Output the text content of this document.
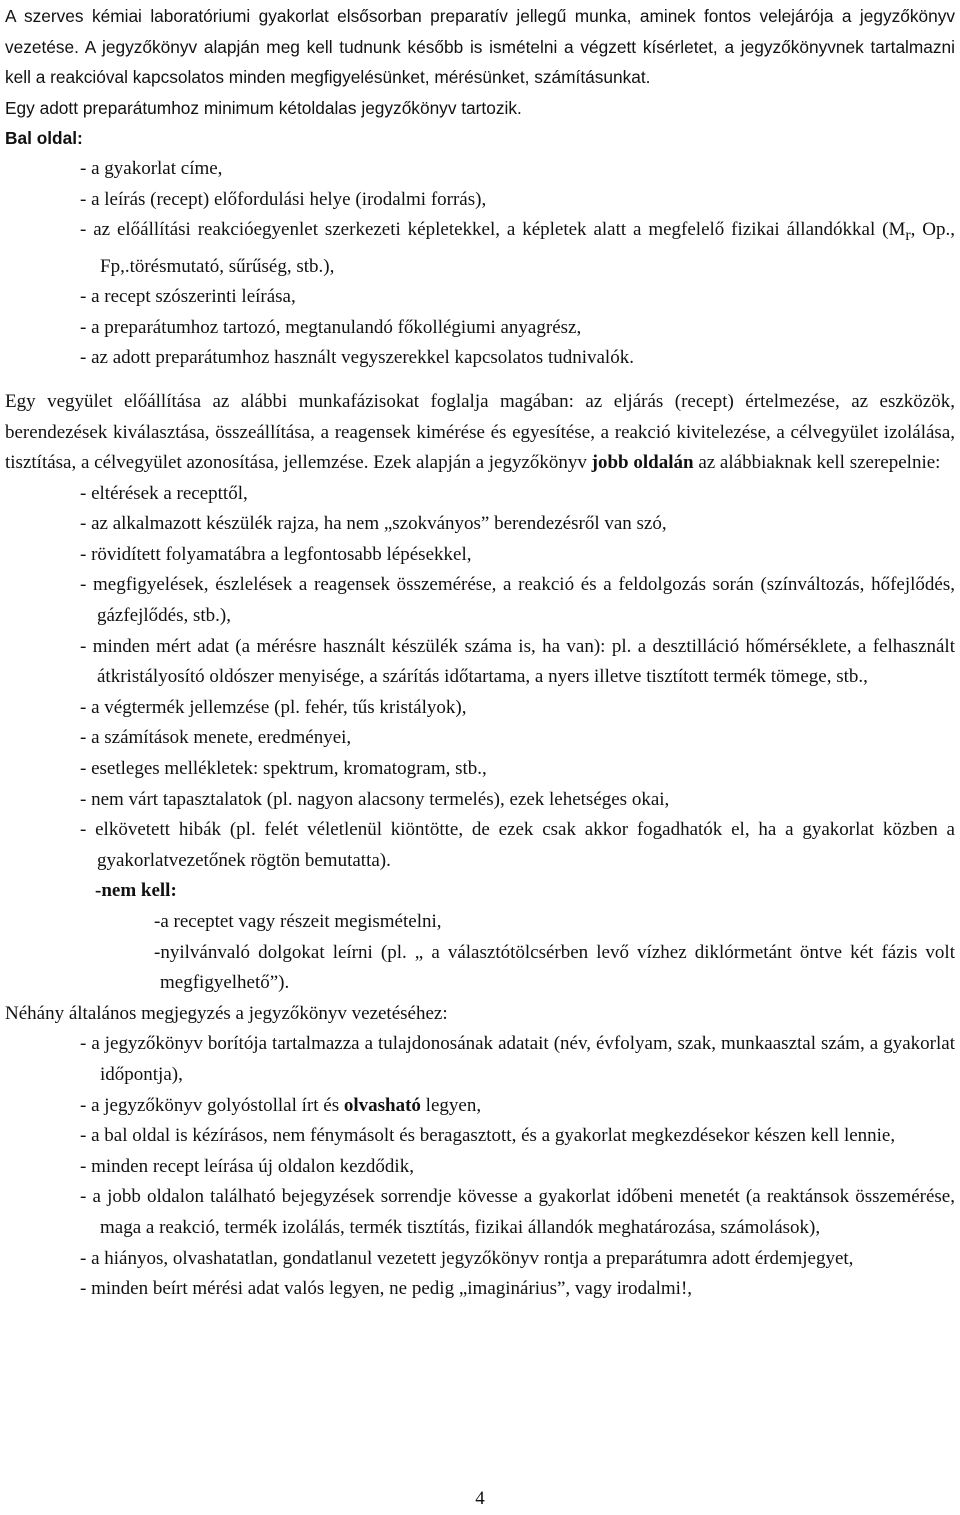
A szerves kémiai laboratóriumi gyakorlat elsősorban preparatív jellegű munka, aminek fontos velejárója a jegyzőkönyv vezetése. A jegyzőkönyv alapján meg kell tudnunk később is ismételni a végzett kísérletet, a jegyzőkönyvnek tartalmazni kell a reakcióval kapcsolatos minden megfigyelésünket, mérésünket, számításunkat.

Egy adott preparátumhoz minimum kétoldalas jegyzőkönyv tartozik.

Bal oldal:

- a gyakorlat címe,
- a leírás (recept) előfordulási helye (irodalmi forrás),
- az előállítási reakcióegyenlet szerkezeti képletekkel, a képletek alatt a megfelelő fizikai állandókkal ($M_r$, Op., Fp,.törésmutató, sűrűség, stb.),
- a recept szószerinti leírása,
- a preparátumhoz tartozó, megtanulandó főkollégiumi anyagrész,
- az adott preparátumhoz használt vegyszerekkel kapcsolatos tudnivalók.

Egy vegyület előállítása az alábbi munkafázisokat foglalja magában: az eljárás (recept) értelmezése, az eszközök, berendezések kiválasztása, összeállítása, a reagensek kimérése és egyesítése, a reakció kivitelezése, a célvegyület izolálása, tisztítása, a célvegyület azonosítása, jellemzése. Ezek alapján a jegyzőkönyv jobb oldalán az alábbiaknak kell szerepelnie:

- eltérések a recepttől,
- az alkalmazott készülék rajza, ha nem „szokványos” berendezésről van szó,
- rövidített folyamatábra a legfontosabb lépésekkel,
- megfigyelések, észlelések a reagensek összemérése, a reakció és a feldolgozás során (színváltozás, hőfejlődés, gázfejlődés, stb.),
- minden mért adat (a mérésre használt készülék száma is, ha van): pl. a desztilláció hőmérséklete, a felhasznált átkristályosító oldószer menyisége, a szárítás időtartama, a nyers illetve tisztított termék tömege, stb.,
- a végtermék jellemzése (pl. fehér, tűs kristályok),
- a számítások menete, eredményei,
- esetleges mellékletek: spektrum, kromatogram, stb.,
- nem várt tapasztalatok (pl. nagyon alacsony termelés), ezek lehetséges okai,
- elkövetett hibák (pl. felét véletlenül kiöntötte, de ezek csak akkor fogadhatók el, ha a gyakorlat közben a gyakorlatvezetőnek rögtön bemutatta).

-nem kell:

-a receptet vagy részeit megismételni,
-nyilvánvaló dolgokat leírni (pl. „ a választótölcsérben levő vízhez diklórmetánt öntve két fázis volt megfigyelhető”).

Néhány általános megjegyzés a jegyzőkönyv vezetéséhez:

- a jegyzőkönyv borítója tartalmazza a tulajdonosának adatait (név, évfolyam, szak, munkaasztal szám, a gyakorlat időpontja),
- a jegyzőkönyv golyóstollal írt és olvasható legyen,
- a bal oldal is kézírásos, nem fénymásolt és beragasztott, és a gyakorlat megkezdésekor készen kell lennie,
- minden recept leírása új oldalon kezdődik,
- a jobb oldalon található bejegyzések sorrendje kövesse a gyakorlat időbeni menetét (a reaktánsok összemérése, maga a reakció, termék izolálás, termék tisztítás, fizikai állandók meghatározása, számolások),
- a hiányos, olvashatatlan, gondatlanul vezetett jegyzőkönyv rontja a preparátumra adott érdemjegyet,
- minden beírt mérési adat valós legyen, ne pedig „imaginárius”, vagy irodalmi!,
4
